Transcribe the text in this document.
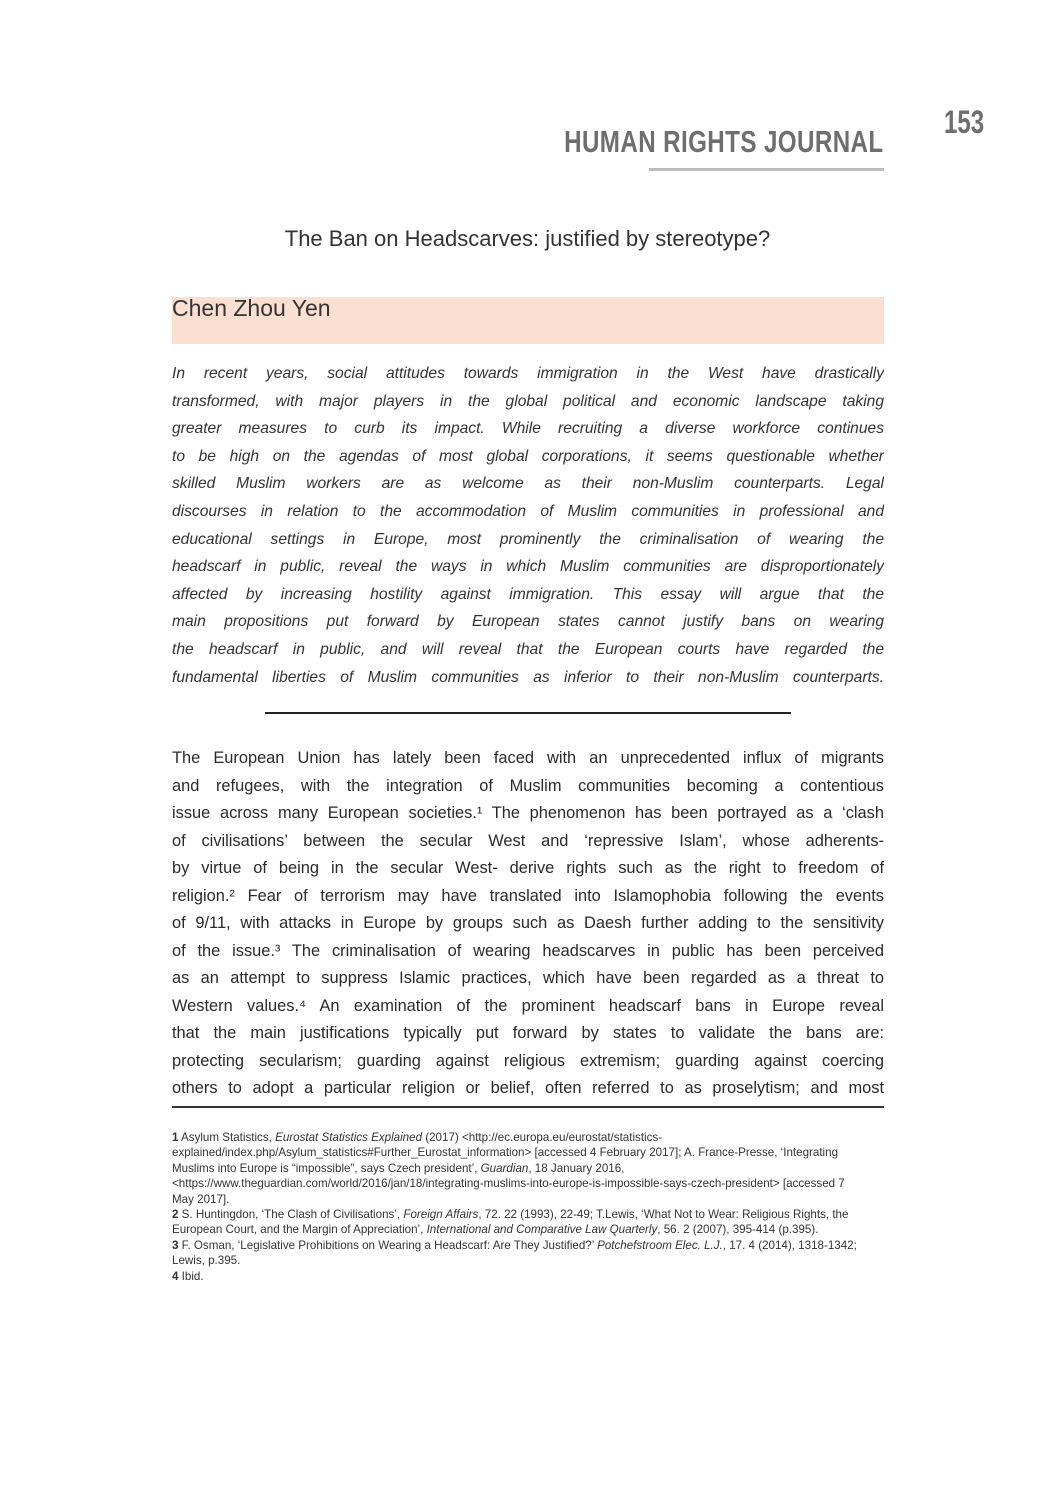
HUMAN RIGHTS JOURNAL
153
The Ban on Headscarves: justified by stereotype?
Chen Zhou Yen
In recent years, social attitudes towards immigration in the West have drastically
transformed, with major players in the global political and economic landscape taking
greater measures to curb its impact. While recruiting a diverse workforce continues
to be high on the agendas of most global corporations, it seems questionable whether
skilled Muslim workers are as welcome as their non-Muslim counterparts. Legal
discourses in relation to the accommodation of Muslim communities in professional and
educational settings in Europe, most prominently the criminalisation of wearing the
headscarf in public, reveal the ways in which Muslim communities are disproportionately
affected by increasing hostility against immigration. This essay will argue that the
main propositions put forward by European states cannot justify bans on wearing
the headscarf in public, and will reveal that the European courts have regarded the
fundamental liberties of Muslim communities as inferior to their non-Muslim counterparts.
The European Union has lately been faced with an unprecedented influx of migrants
and refugees, with the integration of Muslim communities becoming a contentious
issue across many European societies.¹ The phenomenon has been portrayed as a ‘clash
of civilisations’ between the secular West and ‘repressive Islam’, whose adherents-
by virtue of being in the secular West- derive rights such as the right to freedom of
religion.² Fear of terrorism may have translated into Islamophobia following the events
of 9/11, with attacks in Europe by groups such as Daesh further adding to the sensitivity
of the issue.³ The criminalisation of wearing headscarves in public has been perceived
as an attempt to suppress Islamic practices, which have been regarded as a threat to
Western values.⁴ An examination of the prominent headscarf bans in Europe reveal
that the main justifications typically put forward by states to validate the bans are:
protecting secularism; guarding against religious extremism; guarding against coercing
others to adopt a particular religion or belief, often referred to as proselytism; and most

1 Asylum Statistics, Eurostat Statistics Explained (2017) <http://ec.europa.eu/eurostat/statistics-explained/index.php/Asylum_statistics#Further_Eurostat_information> [accessed 4 February 2017]; A. France-Presse, ‘Integrating Muslims into Europe is “impossible”, says Czech president’, Guardian, 18 January 2016, <https://www.theguardian.com/world/2016/jan/18/integrating-muslims-into-europe-is-impossible-says-czech-president> [accessed 7 May 2017].

2 S. Huntingdon, ‘The Clash of Civilisations’, Foreign Affairs, 72. 22 (1993), 22-49; T.Lewis, ‘What Not to Wear: Religious Rights, the European Court, and the Margin of Appreciation’, International and Comparative Law Quarterly, 56. 2 (2007), 395-414 (p.395).

3 F. Osman, ‘Legislative Prohibitions on Wearing a Headscarf: Are They Justified?’ Potchefstroom Elec. L.J., 17. 4 (2014), 1318-1342; Lewis, p.395.

4 Ibid.
